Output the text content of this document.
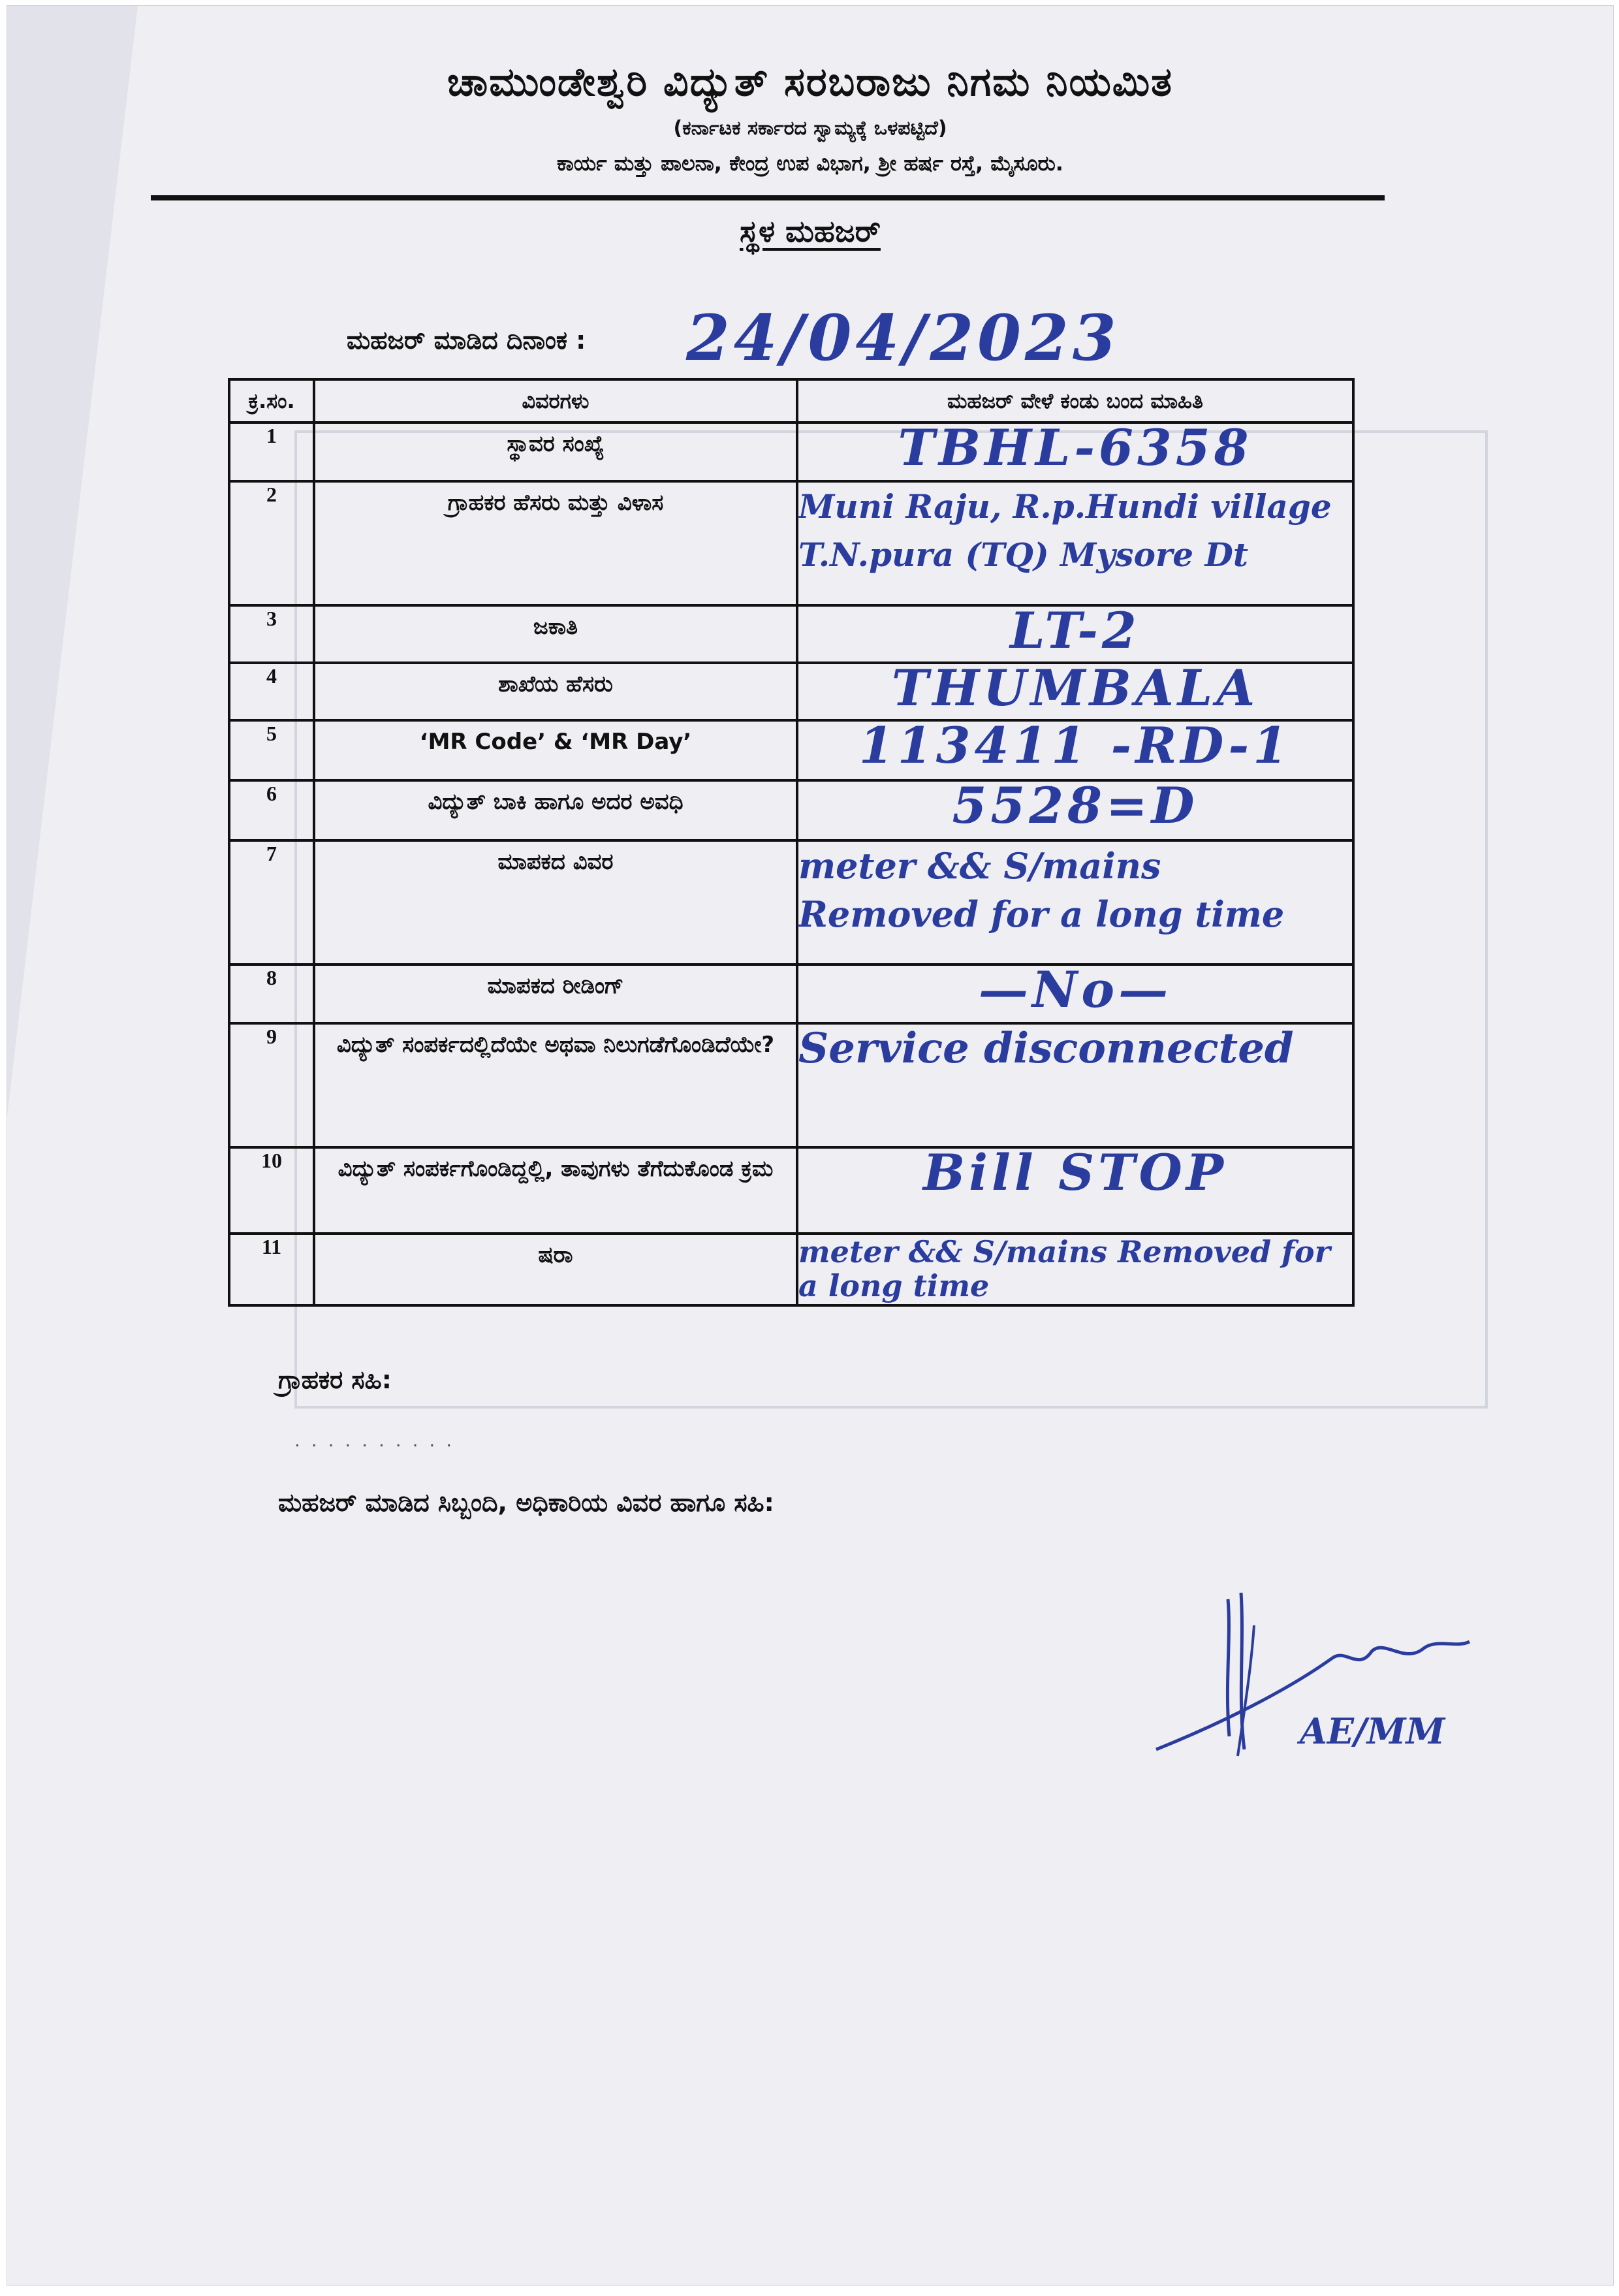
ಚಾಮುಂಡೇಶ್ವರಿ ವಿದ್ಯುತ್ ಸರಬರಾಜು ನಿಗಮ ನಿಯಮಿತ
(ಕರ್ನಾಟಕ ಸರ್ಕಾರದ ಸ್ವಾಮ್ಯಕ್ಕೆ ಒಳಪಟ್ಟಿದೆ)
ಕಾರ್ಯ ಮತ್ತು ಪಾಲನಾ, ಕೇಂದ್ರ ಉಪ ವಿಭಾಗ, ಶ್ರೀ ಹರ್ಷ ರಸ್ತೆ, ಮೈಸೂರು.
ಸ್ಥಳ ಮಹಜರ್
ಮಹಜರ್ ಮಾಡಿದ ದಿನಾಂಕ : 24/04/2023
ಕ್ರ.ಸಂ.	ವಿವರಗಳು	ಮಹಜರ್ ವೇಳೆ ಕಂಡು ಬಂದ ಮಾಹಿತಿ
1	ಸ್ಥಾವರ ಸಂಖ್ಯೆ	TBHL-6358
2	ಗ್ರಾಹಕರ ಹೆಸರು ಮತ್ತು ವಿಳಾಸ	Muni Raju, R.p.Hundi village T.N.pura (TQ) Mysore Dt
3	ಜಕಾತಿ	LT-2
4	ಶಾಖೆಯ ಹೆಸರು	THUMBALA
5	‘MR Code’ & ‘MR Day’	113411 -RD-1
6	ವಿದ್ಯುತ್ ಬಾಕಿ ಹಾಗೂ ಅದರ ಅವಧಿ	5528=D
7	ಮಾಪಕದ ವಿವರ	meter && S/mains Removed for a long time
8	ಮಾಪಕದ ರೀಡಿಂಗ್	—No—
9	ವಿದ್ಯುತ್ ಸಂಪರ್ಕದಲ್ಲಿದೆಯೇ ಅಥವಾ ನಿಲುಗಡೆಗೊಂಡಿದೆಯೇ?	Service disconnected
10	ವಿದ್ಯುತ್ ಸಂಪರ್ಕಗೊಂಡಿದ್ದಲ್ಲಿ, ತಾವುಗಳು ತೆಗೆದುಕೊಂಡ ಕ್ರಮ	Bill STOP
11	ಷರಾ	meter && S/mains Removed for a long time
ಗ್ರಾಹಕರ ಸಹಿ:
. . . . . . . . . .
ಮಹಜರ್ ಮಾಡಿದ ಸಿಬ್ಬಂದಿ, ಅಧಿಕಾರಿಯ ವಿವರ ಹಾಗೂ ಸಹಿ:
AE/MM
